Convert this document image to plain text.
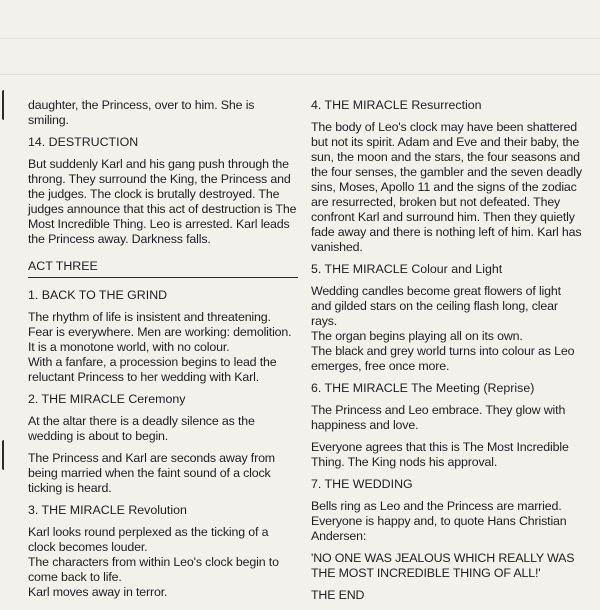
daughter, the Princess, over to him. She is smiling.

14. DESTRUCTION

But suddenly Karl and his gang push through the throng. They surround the King, the Princess and the judges. The clock is brutally destroyed. The judges announce that this act of destruction is The Most Incredible Thing. Leo is arrested. Karl leads the Princess away. Darkness falls.

ACT THREE
1. BACK TO THE GRIND

The rhythm of life is insistent and threatening. Fear is everywhere. Men are working: demolition.

It is a monotone world, with no colour.

With a fanfare, a procession begins to lead the reluctant Princess to her wedding with Karl.

2. THE MIRACLE Ceremony

At the altar there is a deadly silence as the wedding is about to begin.

The Princess and Karl are seconds away from being married when the faint sound of a clock ticking is heard.

3. THE MIRACLE Revolution

Karl looks round perplexed as the ticking of a clock becomes louder.

The characters from within Leo's clock begin to come back to life.

Karl moves away in terror.

4. THE MIRACLE Resurrection

The body of Leo's clock may have been shattered but not its spirit. Adam and Eve and their baby, the sun, the moon and the stars, the four seasons and the four senses, the gambler and the seven deadly sins, Moses, Apollo 11 and the signs of the zodiac are resurrected, broken but not defeated. They confront Karl and surround him. Then they quietly fade away and there is nothing left of him. Karl has vanished.

5. THE MIRACLE Colour and Light

Wedding candles become great flowers of light and gilded stars on the ceiling flash long, clear rays.

The organ begins playing all on its own.

The black and grey world turns into colour as Leo emerges, free once more.

6. THE MIRACLE The Meeting (Reprise)

The Princess and Leo embrace. They glow with happiness and love.

Everyone agrees that this is The Most Incredible Thing. The King nods his approval.

7. THE WEDDING

Bells ring as Leo and the Princess are married. Everyone is happy and, to quote Hans Christian Andersen:

'NO ONE WAS JEALOUS WHICH REALLY WAS THE MOST INCREDIBLE THING OF ALL!'

THE END
